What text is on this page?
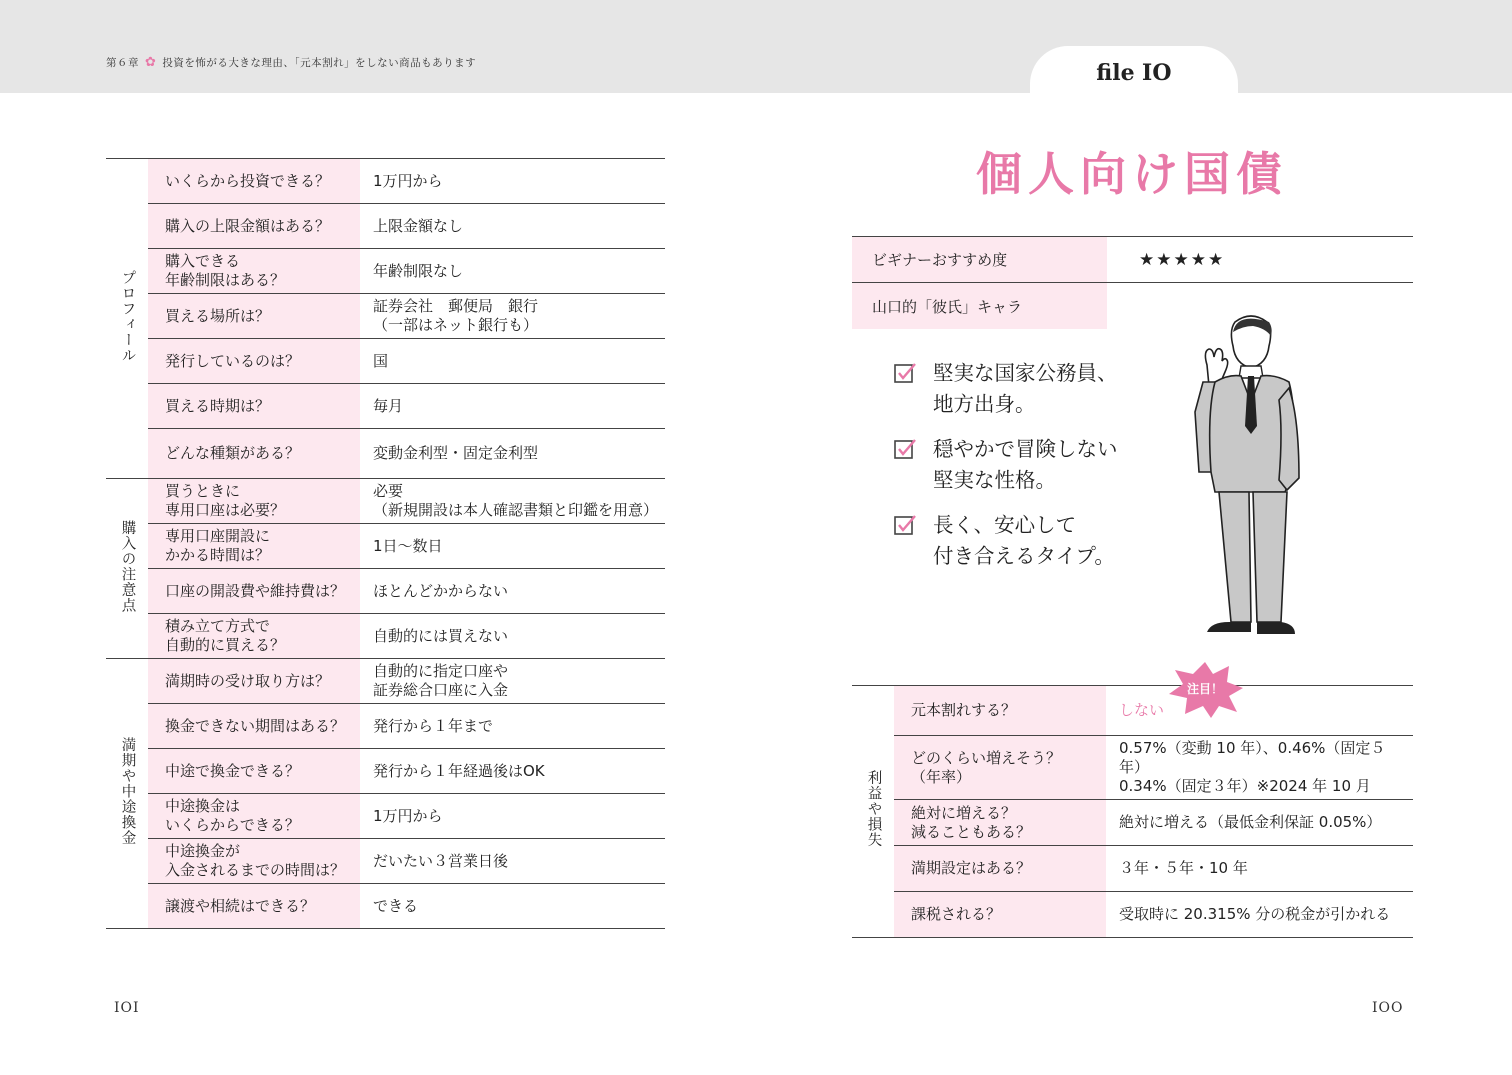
第６章 ✿ 投資を怖がる大きな理由、「元本割れ」をしない商品もあります	file OI
プロフィール	いくらから投資できる？	1万円から
	購入の上限金額はある？	上限金額なし
	購入できる
年齢制限はある？	年齢制限なし
	買える場所は？	証券会社　郵便局　銀行
（一部はネット銀行も）
	発行しているのは？	国
	買える時期は？	毎月
	どんな種類がある？	変動金利型・固定金利型
購入の注意点	買うときに
専用口座は必要？	必要
（新規開設は本人確認書類と印鑑を用意）
	専用口座開設に
かかる時間は？	1日〜数日
	口座の開設費や維持費は？	ほとんどかからない
	積み立て方式で
自動的に買える？	自動的には買えない
満期や中途換金	満期時の受け取り方は？	自動的に指定口座や
証券総合口座に入金
	換金できない期間はある？	発行から１年まで
	中途で換金できる？	発行から１年経過後はOK
	中途換金は
いくらからできる？	1万円から
	中途換金が
入金されるまでの時間は？	だいたい３営業日後
	譲渡や相続はできる？	できる
個人向け国債
ビギナーおすすめ度	★★★★★
山口的「彼氏」キャラ	
堅実な国家公務員、
地方出身。
穏やかで冒険しない
堅実な性格。
長く、安心して
付き合えるタイプ。
利益や損失	元本割れする？	しない
	どのくらい増えそう？
（年率）	0.57%（変動 10 年）、0.46%（固定５年）
0.34%（固定３年）※2024 年 10 月
	絶対に増える？
減ることもある？	絶対に増える（最低金利保証 0.05%）
	満期設定はある？	３年・５年・10 年
	課税される？	受取時に 20.315% 分の税金が引かれる
注目！
IOI	IOO
